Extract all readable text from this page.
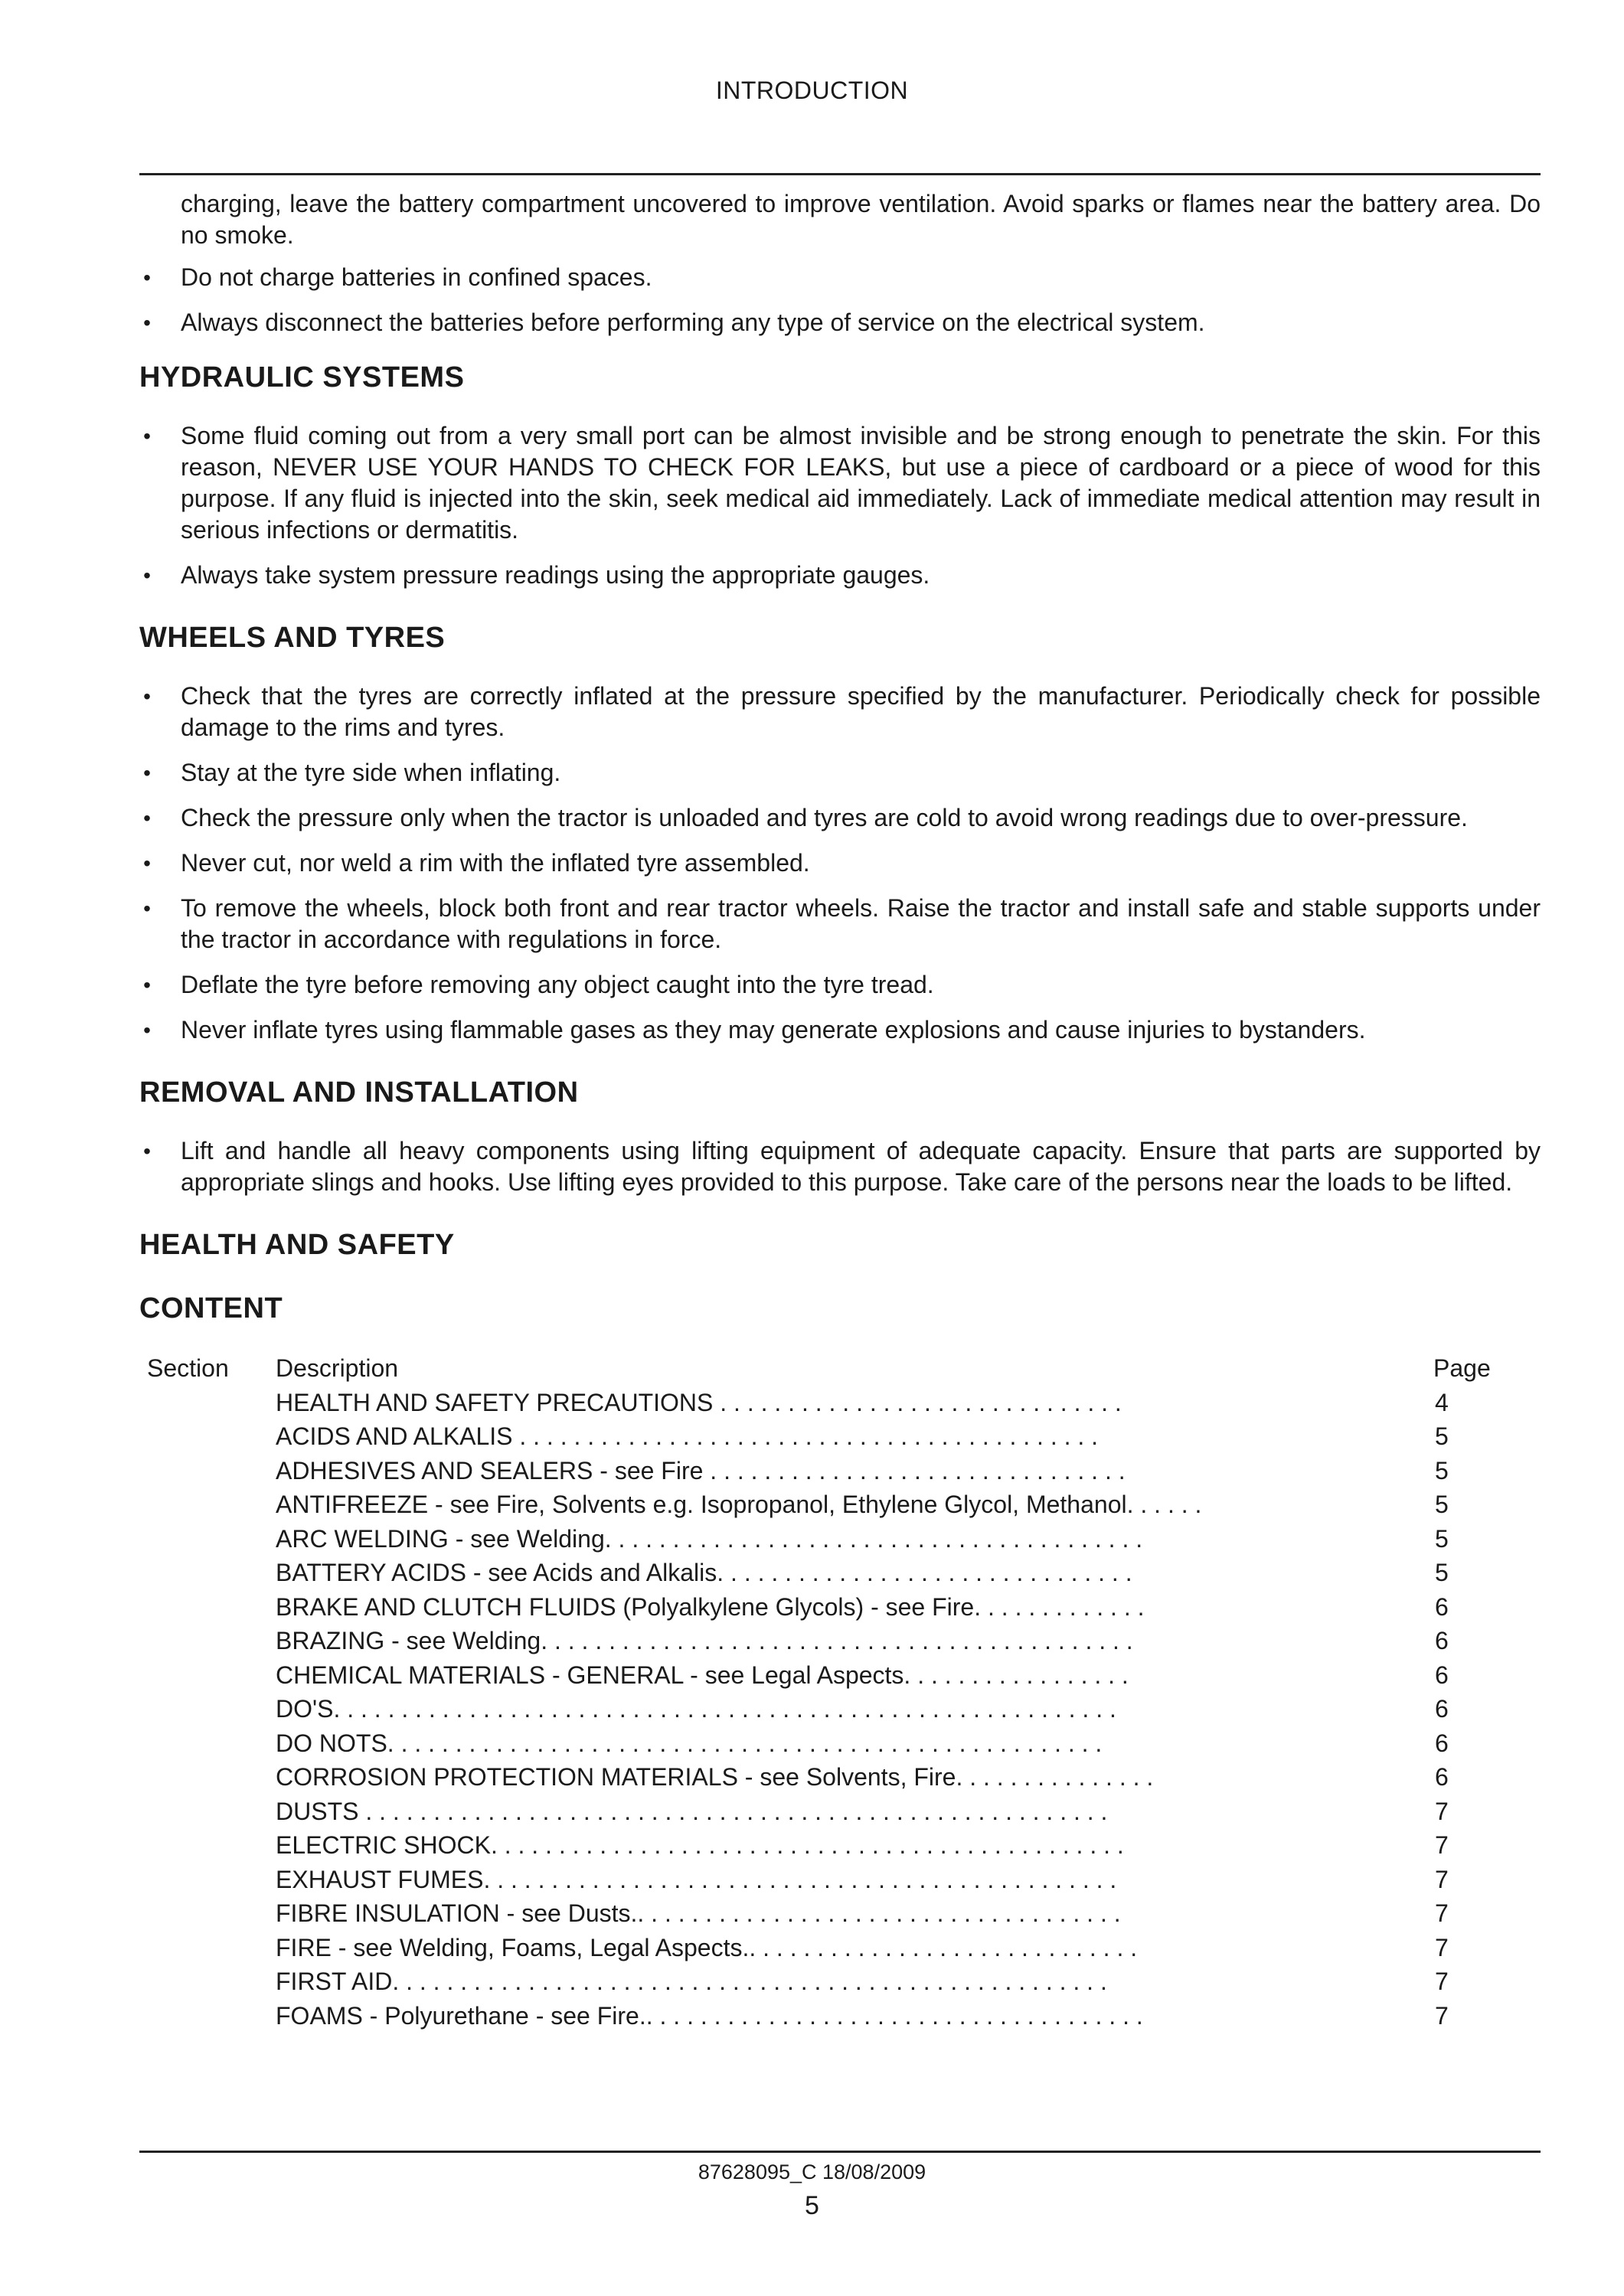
INTRODUCTION

charging, leave the battery compartment uncovered to improve ventilation. Avoid sparks or flames near the battery area. Do no smoke.

• Do not charge batteries in confined spaces.
• Always disconnect the batteries before performing any type of service on the electrical system.
HYDRAULIC SYSTEMS
• Some fluid coming out from a very small port can be almost invisible and be strong enough to penetrate the skin. For this reason, NEVER USE YOUR HANDS TO CHECK FOR LEAKS, but use a piece of cardboard or a piece of wood for this purpose. If any fluid is injected into the skin, seek medical aid immediately. Lack of immediate medical attention may result in serious infections or dermatitis.
• Always take system pressure readings using the appropriate gauges.
WHEELS AND TYRES
• Check that the tyres are correctly inflated at the pressure specified by the manufacturer. Periodically check for possible damage to the rims and tyres.
• Stay at the tyre side when inflating.
• Check the pressure only when the tractor is unloaded and tyres are cold to avoid wrong readings due to over-pressure.
• Never cut, nor weld a rim with the inflated tyre assembled.
• To remove the wheels, block both front and rear tractor wheels. Raise the tractor and install safe and stable supports under the tractor in accordance with regulations in force.
• Deflate the tyre before removing any object caught into the tyre tread.
• Never inflate tyres using flammable gases as they may generate explosions and cause injuries to bystanders.
REMOVAL AND INSTALLATION
• Lift and handle all heavy components using lifting equipment of adequate capacity. Ensure that parts are supported by appropriate slings and hooks. Use lifting eyes provided to this purpose. Take care of the persons near the loads to be lifted.
HEALTH AND SAFETY
CONTENT
Section Description	Page
HEALTH AND SAFETY PRECAUTIONS . . . . . . . . . . . . . . . . . . . . . . . . . . . . . .	4
ACIDS AND ALKALIS . . . . . . . . . . . . . . . . . . . . . . . . . . . . . . . . . . . . . . . . . . .	5
ADHESIVES AND SEALERS - see Fire . . . . . . . . . . . . . . . . . . . . . . . . . . . . . . .	5
ANTIFREEZE - see Fire, Solvents e.g. Isopropanol, Ethylene Glycol, Methanol. . . . . .	5
ARC WELDING - see Welding. . . . . . . . . . . . . . . . . . . . . . . . . . . . . . . . . . . . . . . .	5
BATTERY ACIDS - see Acids and Alkalis. . . . . . . . . . . . . . . . . . . . . . . . . . . . . . .	5
BRAKE AND CLUTCH FLUIDS (Polyalkylene Glycols) - see Fire. . . . . . . . . . . . .	6
BRAZING - see Welding. . . . . . . . . . . . . . . . . . . . . . . . . . . . . . . . . . . . . . . . . . . .	6
CHEMICAL MATERIALS - GENERAL - see Legal Aspects. . . . . . . . . . . . . . . . .	6
DO'S. . . . . . . . . . . . . . . . . . . . . . . . . . . . . . . . . . . . . . . . . . . . . . . . . . . . . . . . . .	6
DO NOTS. . . . . . . . . . . . . . . . . . . . . . . . . . . . . . . . . . . . . . . . . . . . . . . . . . . . .	6
CORROSION PROTECTION MATERIALS - see Solvents, Fire. . . . . . . . . . . . . . .	6
DUSTS . . . . . . . . . . . . . . . . . . . . . . . . . . . . . . . . . . . . . . . . . . . . . . . . . . . . . . .	7
ELECTRIC SHOCK. . . . . . . . . . . . . . . . . . . . . . . . . . . . . . . . . . . . . . . . . . . . . . .	7
EXHAUST FUMES. . . . . . . . . . . . . . . . . . . . . . . . . . . . . . . . . . . . . . . . . . . . . . .	7
FIBRE INSULATION - see Dusts.. . . . . . . . . . . . . . . . . . . . . . . . . . . . . . . . . . . .	7
FIRE - see Welding, Foams, Legal Aspects.. . . . . . . . . . . . . . . . . . . . . . . . . . . . .	7
FIRST AID. . . . . . . . . . . . . . . . . . . . . . . . . . . . . . . . . . . . . . . . . . . . . . . . . . . . .	7
FOAMS - Polyurethane - see Fire.. . . . . . . . . . . . . . . . . . . . . . . . . . . . . . . . . . . . .	7
87628095_C 18/08/2009
5
